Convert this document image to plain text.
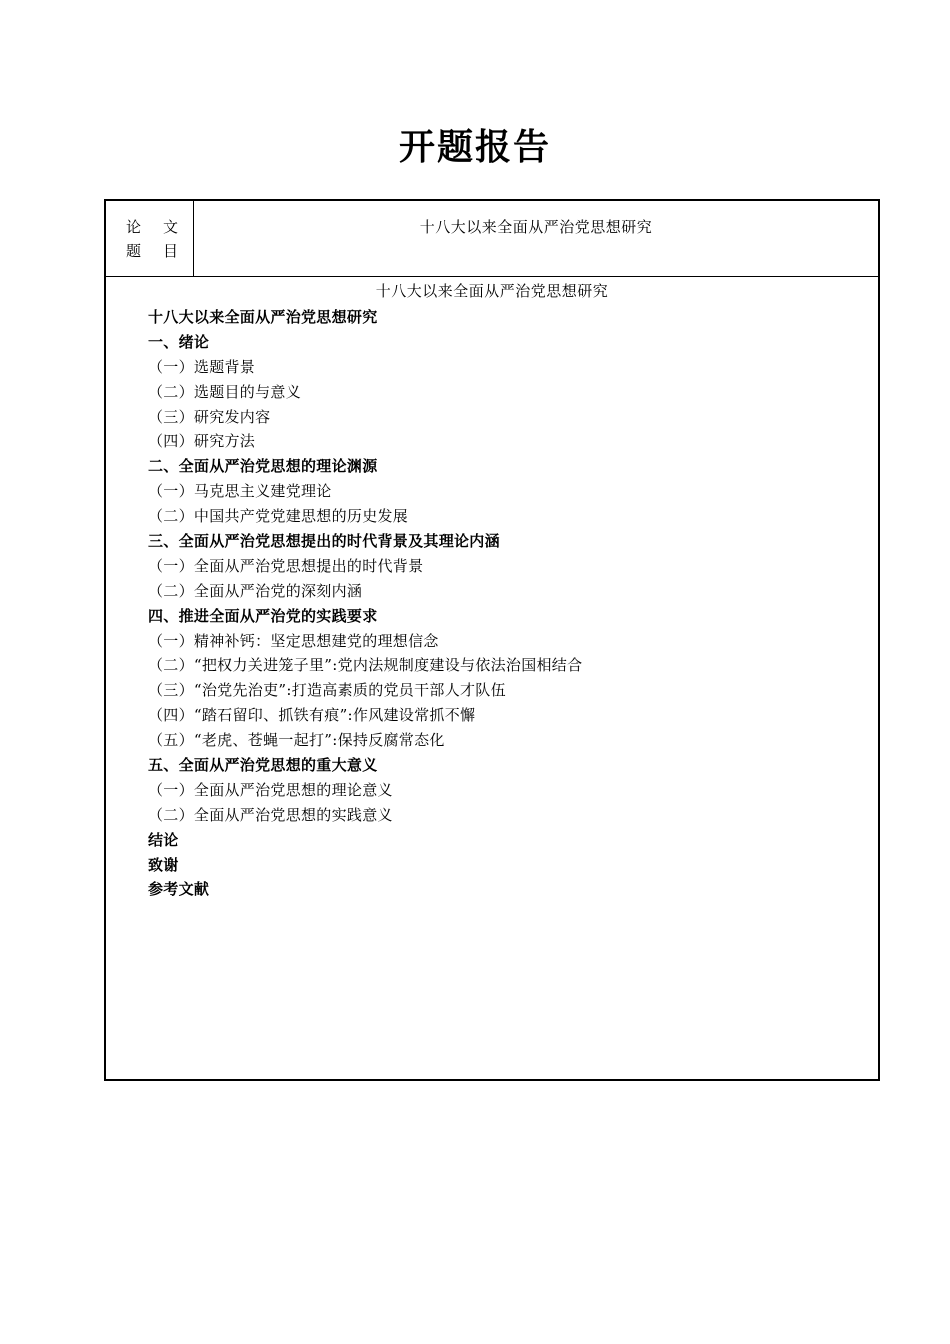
开题报告
论 文
题 目
十八大以来全面从严治党思想研究
十八大以来全面从严治党思想研究
十八大以来全面从严治党思想研究
一、绪论
（一）选题背景
（二）选题目的与意义
（三）研究发内容
（四）研究方法
二、全面从严治党思想的理论渊源
（一）马克思主义建党理论
（二）中国共产党党建思想的历史发展
三、全面从严治党思想提出的时代背景及其理论内涵
（一）全面从严治党思想提出的时代背景
（二）全面从严治党的深刻内涵
四、推进全面从严治党的实践要求
（一）精神补钙：坚定思想建党的理想信念
（二）“把权力关进笼子里”:党内法规制度建设与依法治国相结合
（三）“治党先治吏”:打造高素质的党员干部人才队伍
（四）“踏石留印、抓铁有痕”:作风建设常抓不懈
（五）“老虎、苍蝇一起打”:保持反腐常态化
五、全面从严治党思想的重大意义
（一）全面从严治党思想的理论意义
（二）全面从严治党思想的实践意义
结论
致谢
参考文献
